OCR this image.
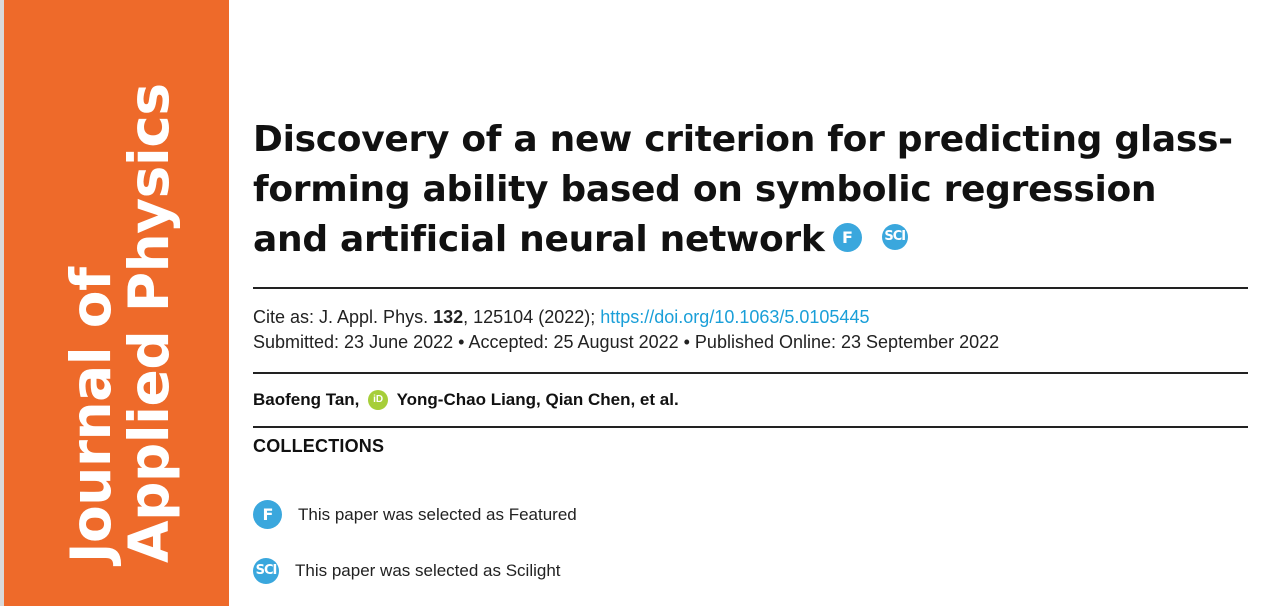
Journal of
Applied Physics Discovery of a new criterion for predicting glass-forming ability based on symbolic regression and artificial neural network F SCI
Cite as: J. Appl. Phys. 132, 125104 (2022); https://doi.org/10.1063/5.0105445
Submitted: 23 June 2022 • Accepted: 25 August 2022 • Published Online: 23 September 2022
Baofeng Tan, iD Yong-Chao Liang, Qian Chen, et al.
COLLECTIONS
F	This paper was selected as Featured
SCI This paper was selected as Scilight
